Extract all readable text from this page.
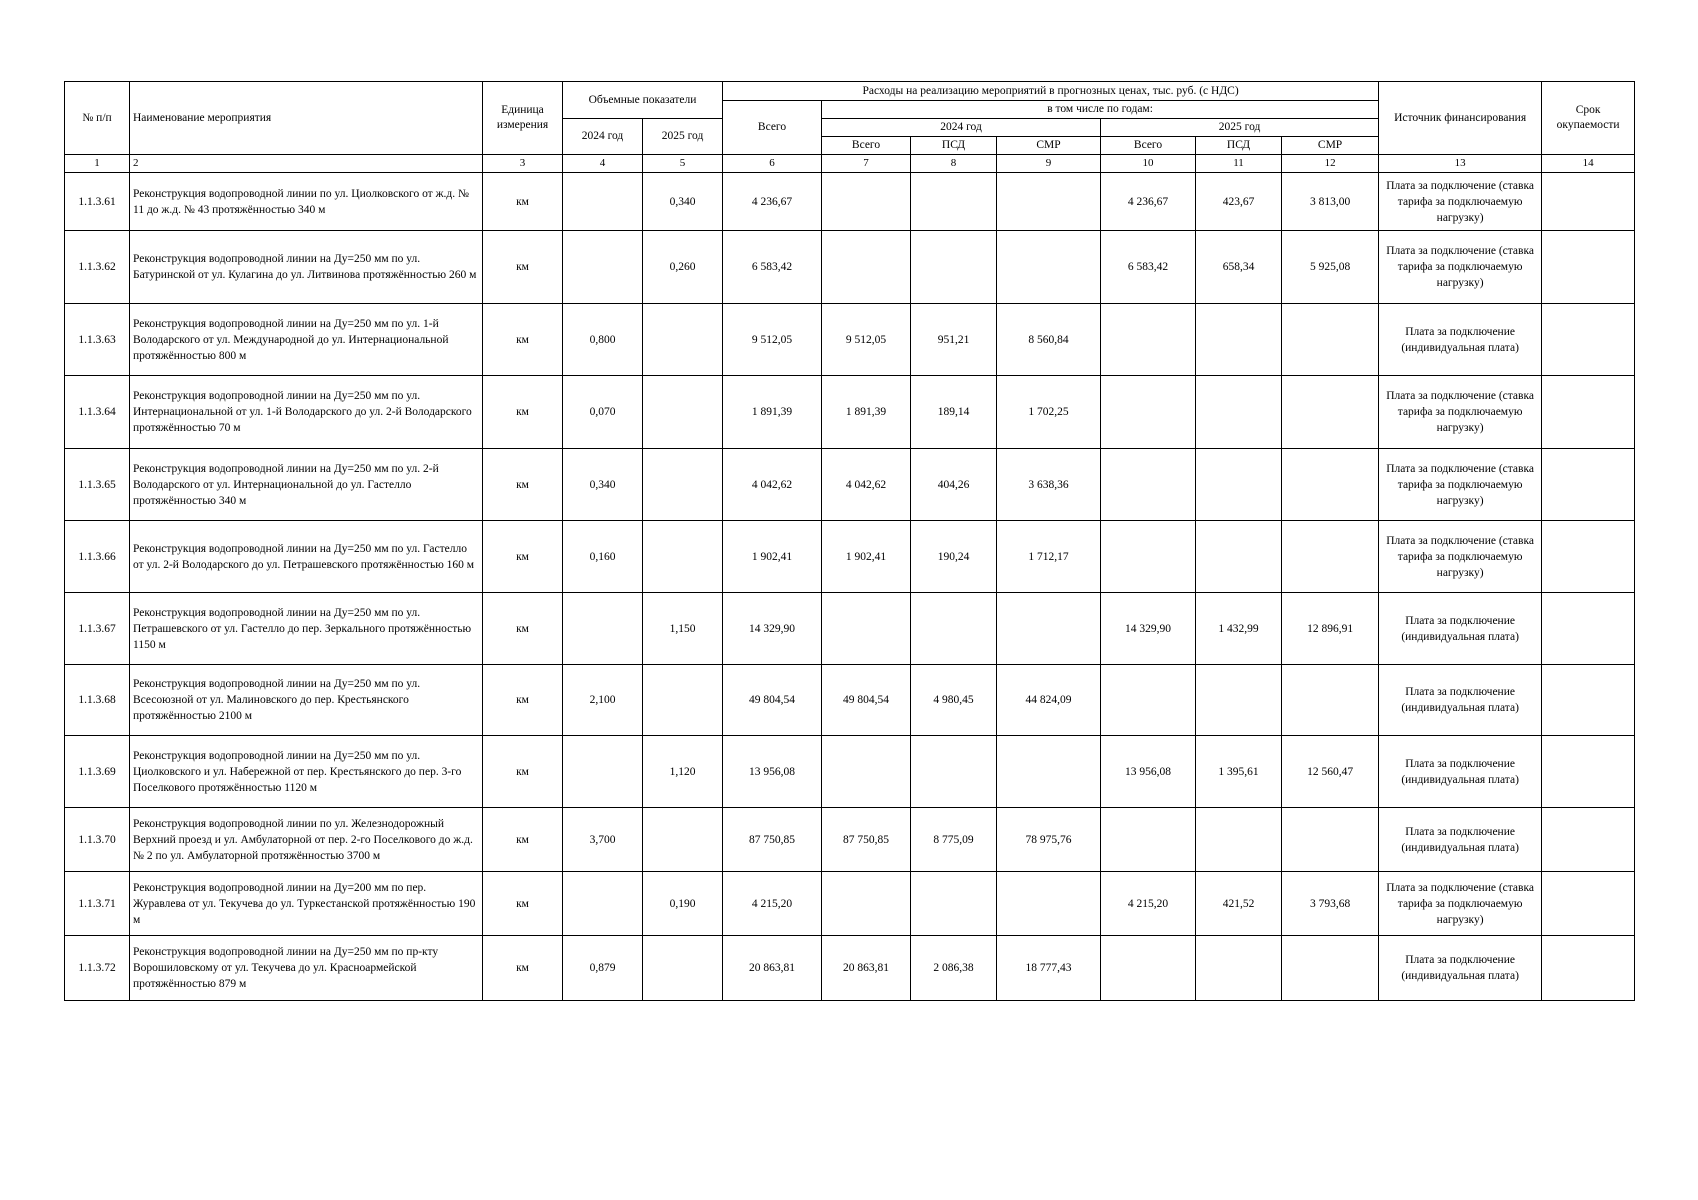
№ п/п	Наименование мероприятия	Единица измерения	Объемные показатели		Расходы на реализацию мероприятий в прогнозных ценах, тыс. руб. (с НДС)							Источник финансирования	Срок окупаемости
					Всего	в том числе по годам:							
			2024 год	2025 год		2024 год			2025 год				
						Всего	ПСД	СМР	Всего	ПСД	СМР		
1	2	3	4	5	6	7	8	9	10	11	12	13	14
1.1.3.61	Реконструкция водопроводной линии по ул. Циолковского от ж.д. № 11 до ж.д. № 43 протяжённостью 340 м	км		0,340	4 236,67				4 236,67	423,67	3 813,00	Плата за подключение (ставка тарифа за подключаемую нагрузку)	
1.1.3.62	Реконструкция водопроводной линии на Ду=250 мм по ул. Батуринской от ул. Кулагина до ул. Литвинова протяжённостью 260 м	км		0,260	6 583,42				6 583,42	658,34	5 925,08	Плата за подключение (ставка тарифа за подключаемую нагрузку)	
1.1.3.63	Реконструкция водопроводной линии на Ду=250 мм по ул. 1-й Володарского от ул. Международной до ул. Интернациональной протяжённостью 800 м	км	0,800		9 512,05	9 512,05	951,21	8 560,84				Плата за подключение (индивидуальная плата)	
1.1.3.64	Реконструкция водопроводной линии на Ду=250 мм по ул. Интернациональной от ул. 1-й Володарского до ул. 2-й Володарского протяжённостью 70 м	км	0,070		1 891,39	1 891,39	189,14	1 702,25				Плата за подключение (ставка тарифа за подключаемую нагрузку)	
1.1.3.65	Реконструкция водопроводной линии на Ду=250 мм по ул. 2-й Володарского от ул. Интернациональной до ул. Гастелло протяжённостью 340 м	км	0,340		4 042,62	4 042,62	404,26	3 638,36				Плата за подключение (ставка тарифа за подключаемую нагрузку)	
1.1.3.66	Реконструкция водопроводной линии на Ду=250 мм по ул. Гастелло от ул. 2-й Володарского до ул. Петрашевского протяжённостью 160 м	км	0,160		1 902,41	1 902,41	190,24	1 712,17				Плата за подключение (ставка тарифа за подключаемую нагрузку)	
1.1.3.67	Реконструкция водопроводной линии на Ду=250 мм по ул. Петрашевского от ул. Гастелло до пер. Зеркального протяжённостью 1150 м	км		1,150	14 329,90				14 329,90	1 432,99	12 896,91	Плата за подключение (индивидуальная плата)	
1.1.3.68	Реконструкция водопроводной линии на Ду=250 мм по ул. Всесоюзной от ул. Малиновского до пер. Крестьянского протяжённостью 2100 м	км	2,100		49 804,54	49 804,54	4 980,45	44 824,09				Плата за подключение (индивидуальная плата)	
1.1.3.69	Реконструкция водопроводной линии на Ду=250 мм по ул. Циолковского и ул. Набережной от пер. Крестьянского до пер. 3-го Поселкового протяжённостью 1120 м	км		1,120	13 956,08				13 956,08	1 395,61	12 560,47	Плата за подключение (индивидуальная плата)	
1.1.3.70	Реконструкция водопроводной линии по ул. Железнодорожный Верхний проезд и ул. Амбулаторной от пер. 2-го Поселкового до ж.д. № 2 по ул. Амбулаторной протяжённостью 3700 м	км	3,700		87 750,85	87 750,85	8 775,09	78 975,76				Плата за подключение (индивидуальная плата)	
1.1.3.71	Реконструкция водопроводной линии на Ду=200 мм по пер. Журавлева от ул. Текучева до ул. Туркестанской протяжённостью 190 м	км		0,190	4 215,20				4 215,20	421,52	3 793,68	Плата за подключение (ставка тарифа за подключаемую нагрузку)	
1.1.3.72	Реконструкция водопроводной линии на Ду=250 мм по пр-кту Ворошиловскому от ул. Текучева до ул. Красноармейской протяжённостью 879 м	км	0,879		20 863,81	20 863,81	2 086,38	18 777,43				Плата за подключение (индивидуальная плата)	
